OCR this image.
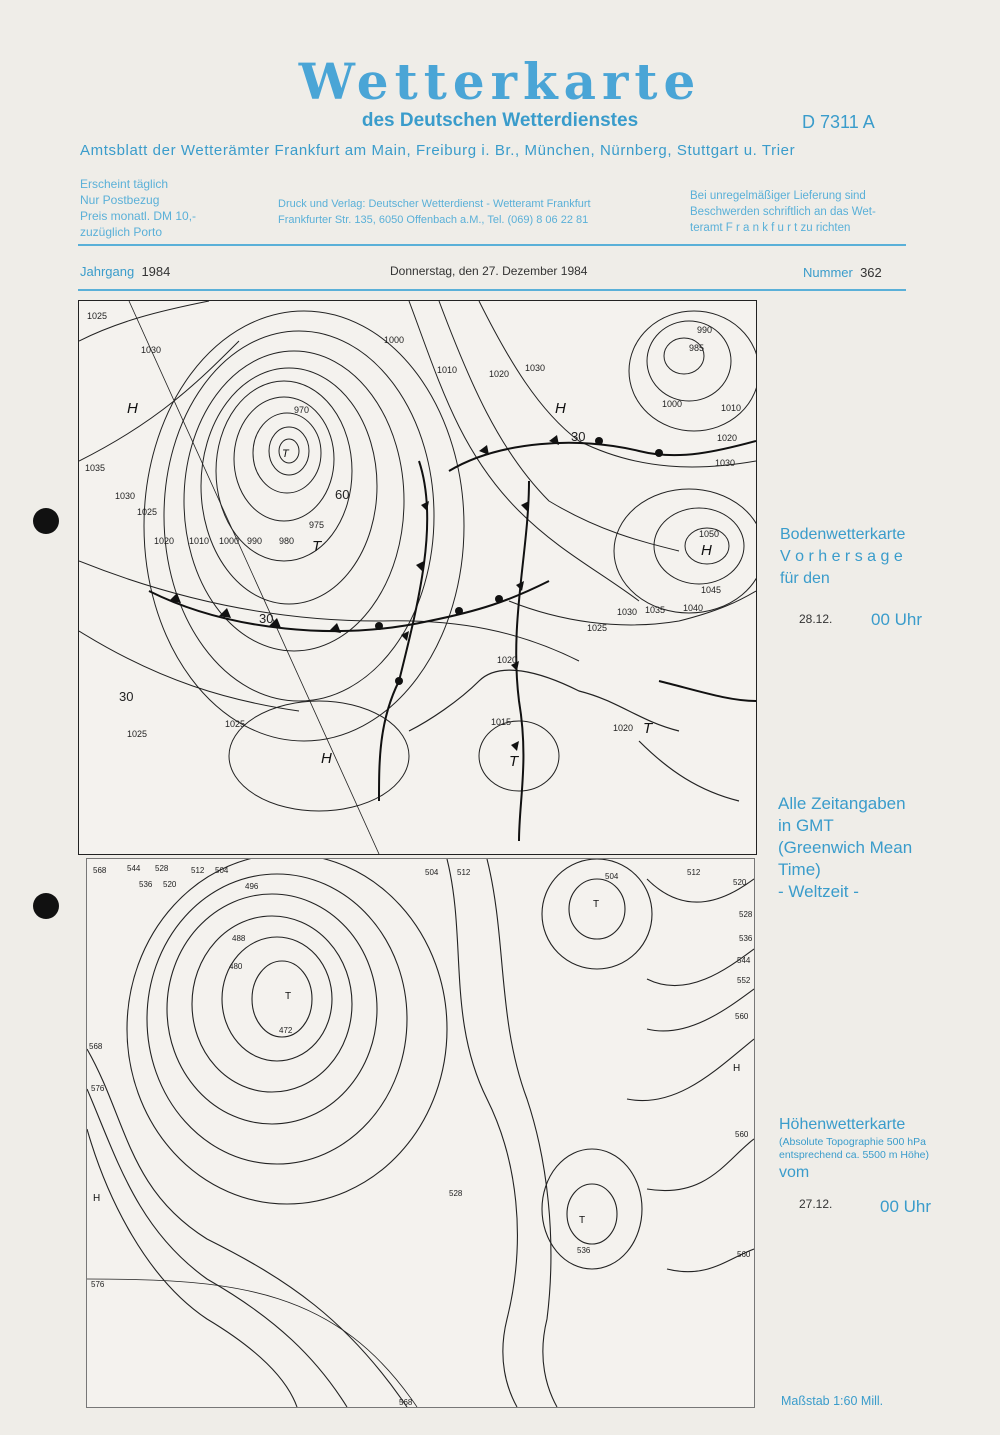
Wetterkarte
des Deutschen Wetterdienstes	D 7311 A
Amtsblatt der Wetterämter Frankfurt am Main, Freiburg i. Br., München, Nürnberg, Stuttgart u. Trier
Erscheint täglich
Nur Postbezug
Preis monatl. DM 10,-
zuzüglich Porto
Druck und Verlag: Deutscher Wetterdienst - Wetteramt Frankfurt
Frankfurter Str. 135, 6050 Offenbach a.M., Tel. (069) 8 06 22 81
Bei unregelmäßiger Lieferung sind
Beschwerden schriftlich an das Wet-
teramt F r a n k f u r t zu richten
Jahrgang 1984	Donnerstag, den 27. Dezember 1984	Nummer 362
1025
1030
1035
1030
1025
1020 1010 1000 990 980
975
970
1000
1010	1020
1030
990
985
1000	1010
1020
1030
1050
1045
1040
1035
1030
1025
1020
1015
1020
1025
1025
30
30
60
30
H	H
H
H
T
T
T
T
Bodenwetterkarte
V o r h e r s a g e
für den
28.12. 00 Uhr
Alle Zeitangaben
in GMT
(Greenwich Mean
Time)
- Weltzeit -
568	544
536
528
520
512 504
496
488
480
472
504 512	504	512
520
528
536
544
552
560
560
568
576
576
528
536	560
568
T
T
T
H
H
Höhenwetterkarte
(Absolute Topographie 500 hPa
entsprechend ca. 5500 m Höhe)
vom
27.12.	00 Uhr
Maßstab 1:60 Mill.
